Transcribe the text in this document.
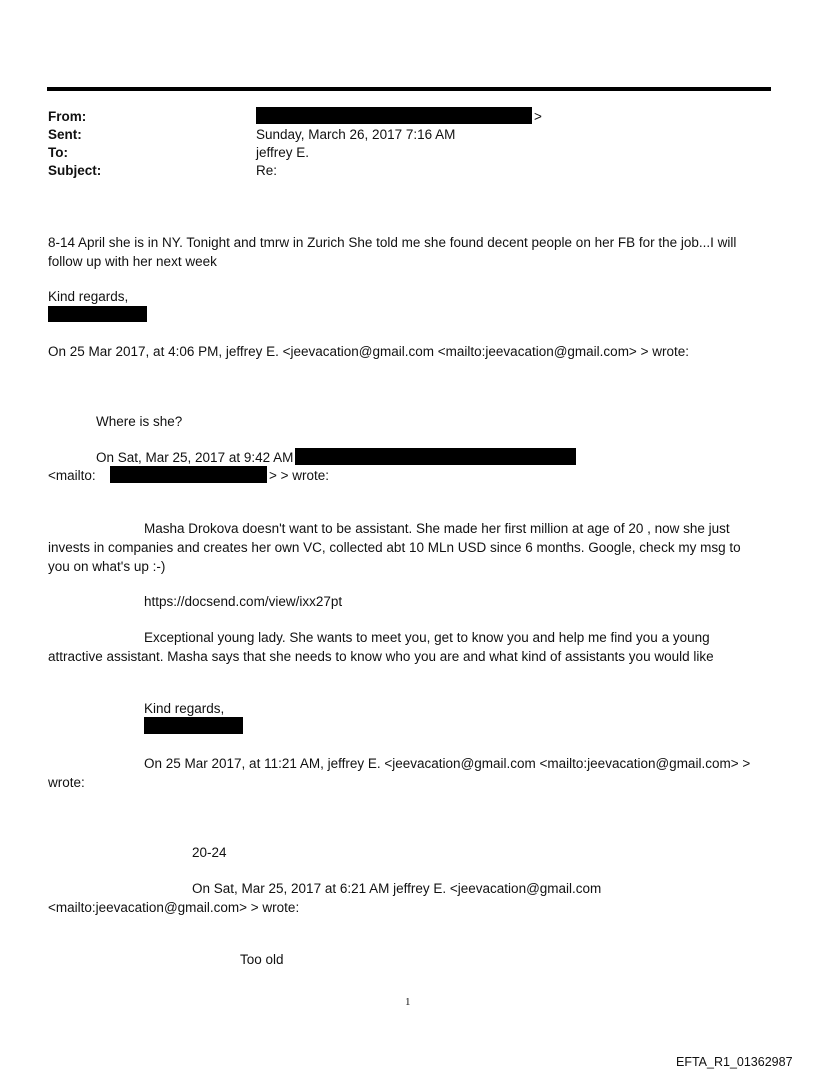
From:
Sent:
To:
Subject:
>
Sunday, March 26, 2017 7:16 AM
jeffrey E.
Re:
8-14 April she is in NY. Tonight and tmrw in Zurich She told me she found decent people on her FB for the job...I will follow up with her next week
Kind regards,
On 25 Mar 2017, at 4:06 PM, jeffrey E. <jeevacation@gmail.com <mailto:jeevacation@gmail.com> > wrote:
Where is she?
On Sat, Mar 25, 2017 at 9:42 AM
<mailto:	> > wrote:
Masha Drokova doesn't want to be assistant. She made her first million at age of 20 , now she just invests in companies and creates her own VC, collected abt 10 MLn USD since 6 months. Google, check my msg to you on what's up :-)
https://docsend.com/view/ixx27pt
Exceptional young lady. She wants to meet you, get to know you and help me find you a young attractive assistant. Masha says that she needs to know who you are and what kind of assistants you would like
Kind regards,
On 25 Mar 2017, at 11:21 AM, jeffrey E. <jeevacation@gmail.com <mailto:jeevacation@gmail.com> > wrote:
20-24
On Sat, Mar 25, 2017 at 6:21 AM jeffrey E. <jeevacation@gmail.com <mailto:jeevacation@gmail.com> > wrote:
Too old
1
EFTA_R1_01362987
